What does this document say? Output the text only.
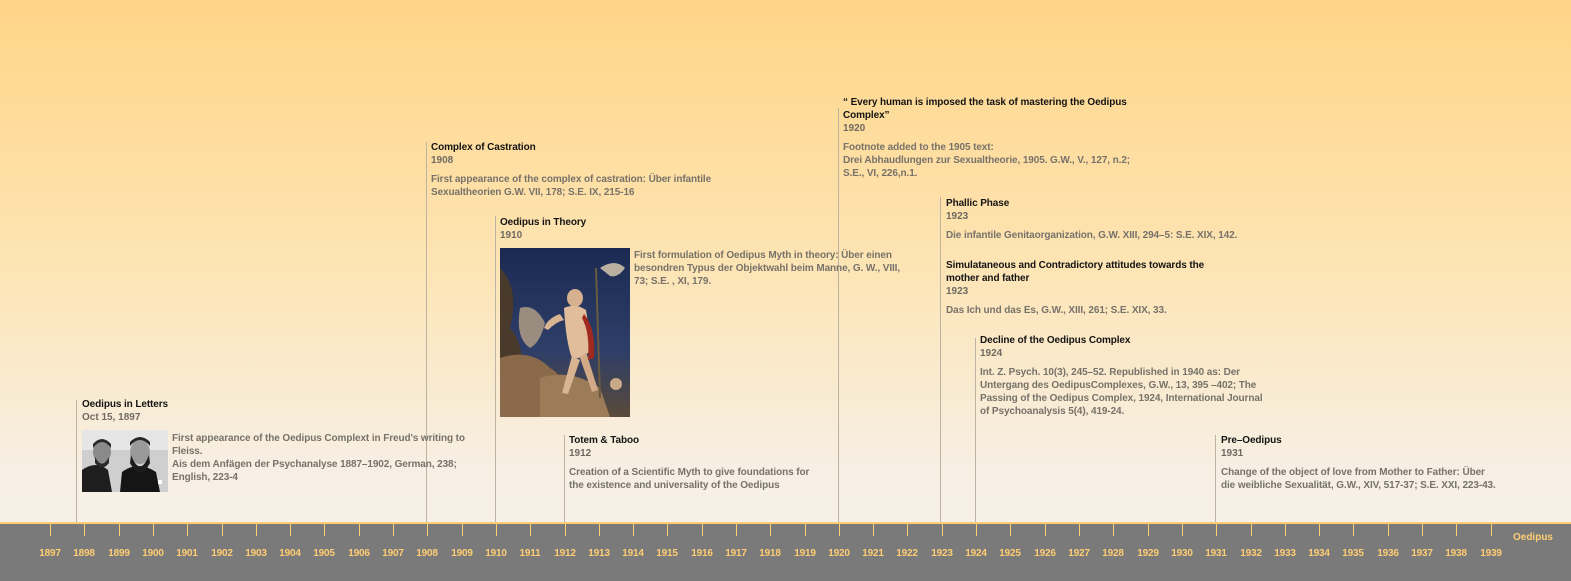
Oedipus in Letters
Oct 15, 1897
First appearance of the Oedipus Complext in Freud's writing to Fleiss.
Ais dem Anfägen der Psychanalyse 1887–1902, German, 238; English, 223-4
Complex of Castration
1908
First appearance of the complex of castration: Über infantile Sexualtheorien G.W. VII, 178; S.E. IX, 215-16
Oedipus in Theory
1910
First formulation of Oedipus Myth in theory: Über einen besondren Typus der Objektwahl beim Manne, G. W., VIII, 73; S.E. , XI, 179.
Totem & Taboo
1912
Creation of a Scientific Myth to give foundations for the existence and universality of the Oedipus
“ Every human is imposed the task of mastering the Oedipus Complex”
1920
Footnote added to the 1905 text:
Drei Abhaudlungen zur Sexualtheorie, 1905. G.W., V., 127, n.2;
S.E., VI, 226,n.1.
Phallic Phase
1923
Die infantile Genitaorganization, G.W. XIII, 294–5: S.E. XIX, 142.
Simulataneous and Contradictory attitudes towards the mother and father
1923
Das Ich und das Es, G.W., XIII, 261; S.E. XIX, 33.
Decline of the Oedipus Complex
1924
Int. Z. Psych. 10(3), 245–52. Republished in 1940 as: Der Untergang des OedipusComplexes, G.W., 13, 395 –402; The Passing of the Oedipus Complex, 1924, International Journal of Psychoanalysis 5(4), 419-24.
Pre–Oedipus
1931
Change of the object of love from Mother to Father: Über die weibliche Sexualität, G.W., XIV, 517-37; S.E. XXI, 223-43.
Oedipus
1897	1898	1899	1900	1901	1902	1903	1904	1905	1906	1907	1908	1909	1910	1911	1912	1913	1914	1915	1916	1917	1918	1919	1920	1921	1922	1923	1924	1925	1926	1927	1928	1929	1930	1931	1932	1933	1934	1935	1936	1937	1938	1939
